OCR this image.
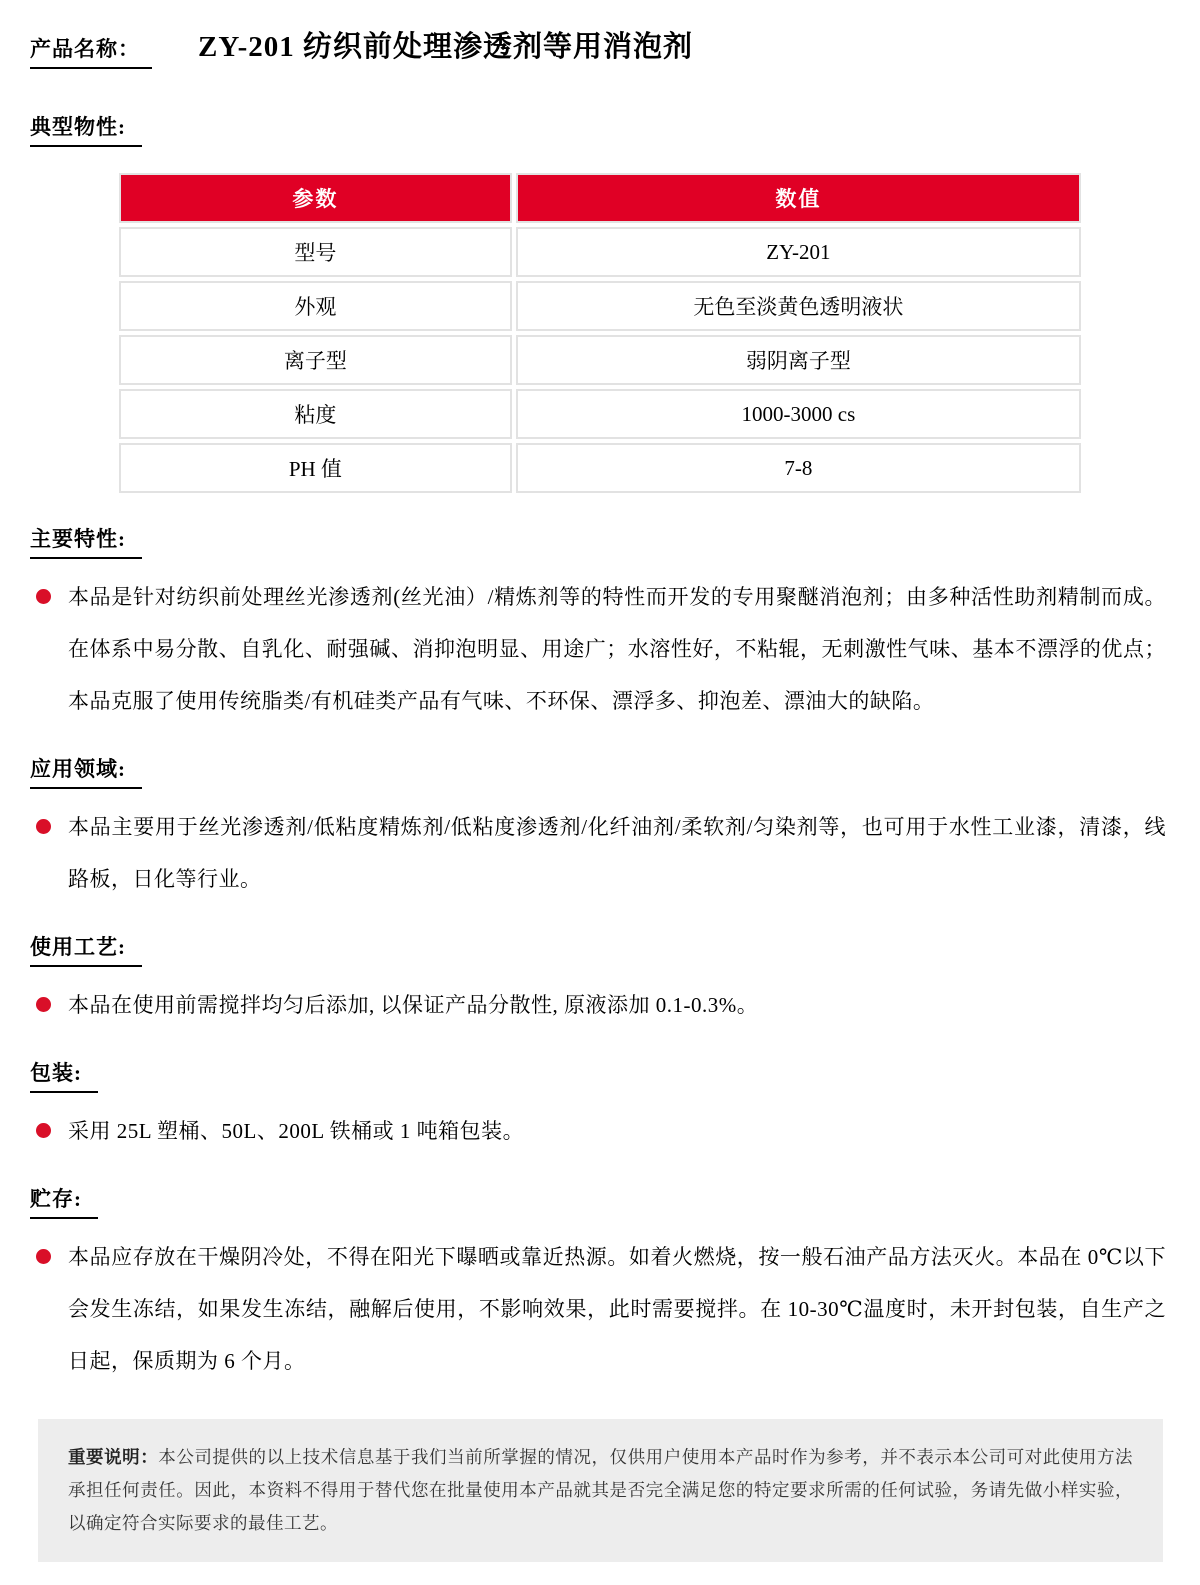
产品名称：	ZY-201 纺织前处理渗透剂等用消泡剂
典型物性:
参数	数值
型号	ZY-201
外观	无色至淡黄色透明液状
离子型	弱阴离子型
粘度	1000-3000 cs
PH 值	7-8
主要特性:

本品是针对纺织前处理丝光渗透剂(丝光油）/精炼剂等的特性而开发的专用聚醚消泡剂；由多种活性助剂精制而成。在体系中易分散、自乳化、耐强碱、消抑泡明显、用途广；水溶性好，不粘辊，无刺激性气味、基本不漂浮的优点；本品克服了使用传统脂类/有机硅类产品有气味、不环保、漂浮多、抑泡差、漂油大的缺陷。

应用领域:

本品主要用于丝光渗透剂/低粘度精炼剂/低粘度渗透剂/化纤油剂/柔软剂/匀染剂等，也可用于水性工业漆，清漆，线路板，日化等行业。

使用工艺:

本品在使用前需搅拌均匀后添加, 以保证产品分散性, 原液添加 0.1-0.3%。

包装:

采用 25L 塑桶、50L、200L 铁桶或 1 吨箱包装。

贮存:

本品应存放在干燥阴冷处，不得在阳光下曝晒或靠近热源。如着火燃烧，按一般石油产品方法灭火。本品在 0℃以下会发生冻结，如果发生冻结，融解后使用，不影响效果，此时需要搅拌。在 10-30℃温度时，未开封包装，自生产之日起，保质期为 6 个月。

重要说明：本公司提供的以上技术信息基于我们当前所掌握的情况，仅供用户使用本产品时作为参考，并不表示本公司可对此使用方法承担任何责任。因此，本资料不得用于替代您在批量使用本产品就其是否完全满足您的特定要求所需的任何试验，务请先做小样实验，以确定符合实际要求的最佳工艺。
